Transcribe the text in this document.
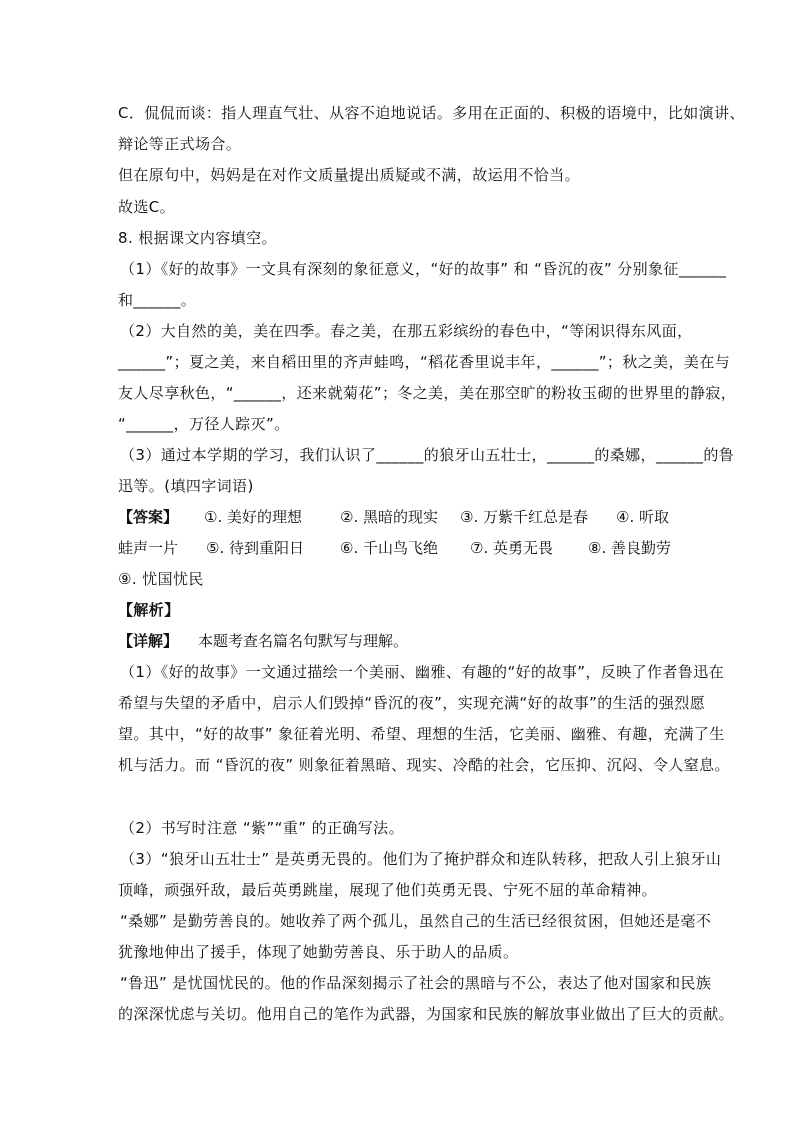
C．侃侃而谈：指人理直气壮、从容不迫地说话。多用在正面的、积极的语境中，比如演讲、
辩论等正式场合。
但在原句中，妈妈是在对作文质量提出质疑或不满，故运用不恰当。
故选C。
8. 根据课文内容填空。
（1）《好的故事》一文具有深刻的象征意义，“好的故事” 和 “昏沉的夜” 分别象征______
和______。
（2）大自然的美，美在四季。春之美，在那五彩缤纷的春色中，“等闲识得东风面，
______”；夏之美，来自稻田里的齐声蛙鸣，“稻花香里说丰年，______”；秋之美，美在与
友人尽享秋色，“______，还来就菊花”；冬之美，美在那空旷的粉妆玉砌的世界里的静寂，
“______，万径人踪灭”。
（3）通过本学期的学习，我们认识了______的狼牙山五壮士，______的桑娜，______的鲁
迅等。(填四字词语)
【答案】 ①. 美好的理想	②. 黑暗的现实 ③. 万紫千红总是春 ④. 听取
蛙声一片 ⑤. 待到重阳日 ⑥. 千山鸟飞绝 ⑦. 英勇无畏 ⑧. 善良勤劳
⑨. 忧国忧民
【解析】
【详解】 本题考查名篇名句默写与理解。
（1）《好的故事》一文通过描绘一个美丽、幽雅、有趣的“好的故事”，反映了作者鲁迅在
希望与失望的矛盾中，启示人们毁掉“昏沉的夜”，实现充满“好的故事”的生活的强烈愿
望。其中，“好的故事” 象征着光明、希望、理想的生活，它美丽、幽雅、有趣，充满了生
机与活力。而 “昏沉的夜” 则象征着黑暗、现实、冷酷的社会，它压抑、沉闷、令人窒息。
（2）书写时注意 “紫”“重” 的正确写法。
（3）“狼牙山五壮士” 是英勇无畏的。他们为了掩护群众和连队转移，把敌人引上狼牙山
顶峰，顽强歼敌，最后英勇跳崖，展现了他们英勇无畏、宁死不屈的革命精神。
“桑娜” 是勤劳善良的。她收养了两个孤儿，虽然自己的生活已经很贫困，但她还是毫不
犹豫地伸出了援手，体现了她勤劳善良、乐于助人的品质。
“鲁迅” 是忧国忧民的。他的作品深刻揭示了社会的黑暗与不公，表达了他对国家和民族
的深深忧虑与关切。他用自己的笔作为武器，为国家和民族的解放事业做出了巨大的贡献。
